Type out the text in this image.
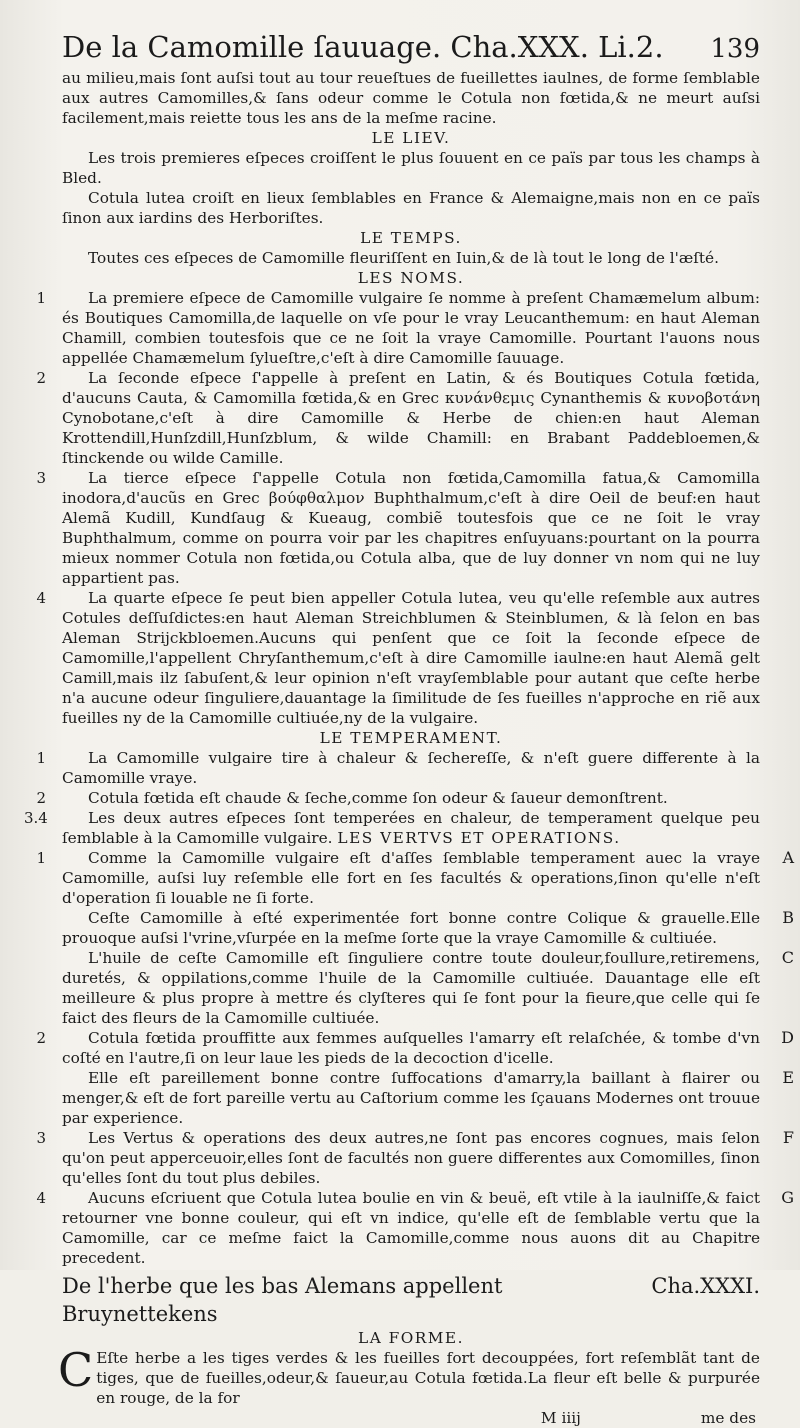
De la Camomille ſauuage. Cha.XXX. Li.2. 139

au milieu,mais ſont auſsi tout au tour reueſtues de fueillettes iaulnes, de forme ſemblable aux autres Camomilles,& ſans odeur comme le Cotula non fœtida,& ne meurt auſsi facilement,mais reiette tous les ans de la meſme racine.

LE LIEV.

Les trois premieres eſpeces croiſſent le plus ſouuent en ce païs par tous les champs à Bled.

Cotula lutea croiſt en lieux ſemblables en France & Alemaigne,mais non en ce païs ſinon aux iardins des Herboriſtes.

LE TEMPS.

Toutes ces eſpeces de Camomille fleuriſſent en Iuin,& de là tout le long de l'æſté.

LES NOMS.

1	La premiere eſpece de Camomille vulgaire ſe nomme à preſent Chamæmelum album: és Boutiques Camomilla,de laquelle on vſe pour le vray Leucanthemum: en haut Aleman Chamill, combien toutesfois que ce ne ſoit la vraye Camomille. Pourtant l'auons nous appellée Chamæmelum ſylueſtre,c'eſt à dire Camomille ſauuage.

2	La ſeconde eſpece ſ'appelle à preſent en Latin, & és Boutiques Cotula fœtida, d'aucuns Cauta, & Camomilla fœtida,& en Grec κυνάνθεμις Cynanthemis & κυνοβοτάνη Cynobotane,c'eſt à dire Camomille & Herbe de chien:en haut Aleman Krottendill,Hunſzdill,Hunſzblum, & wilde Chamill: en Brabant Paddebloemen,& ſtinckende ou wilde Camille.

3	La tierce eſpece ſ'appelle Cotula non fœtida,Camomilla fatua,& Camomilla inodora,d'aucũs en Grec βούφθαλμον Buphthalmum,c'eſt à dire Oeil de beuf:en haut Alemã Kudill, Kundſaug & Kueaug, combiẽ toutesfois que ce ne ſoit le vray Buphthalmum, comme on pourra voir par les chapitres enſuyuans:pourtant on la pourra mieux nommer Cotula non fœtida,ou Cotula alba, que de luy donner vn nom qui ne luy appartient pas.

4	La quarte eſpece ſe peut bien appeller Cotula lutea, veu qu'elle reſemble aux autres Cotules deſſuſdictes:en haut Aleman Streichblumen & Steinblumen, & là ſelon en bas Aleman Strijckbloemen.Aucuns qui penſent que ce ſoit la ſeconde eſpece de Camomille,l'appellent Chryſanthemum,c'eſt à dire Camomille iaulne:en haut Alemã gelt Camill,mais ilz ſabuſent,& leur opinion n'eſt vrayſemblable pour autant que ceſte herbe n'a aucune odeur ſinguliere,dauantage la ſimilitude de ſes fueilles n'approche en riẽ aux fueilles ny de la Camomille cultiuée,ny de la vulgaire.

LE TEMPERAMENT.

1	La Camomille vulgaire tire à chaleur & ſechereſſe, & n'eſt guere differente à la Camomille vraye.

2	Cotula fœtida eſt chaude & ſeche,comme ſon odeur & ſaueur demonſtrent.

3.4	Les deux autres eſpeces ſont temperées en chaleur, de temperament quelque peu ſemblable à la Camomille vulgaire. LES VERTVS ET OPERATIONS.

1	A
Comme la Camomille vulgaire eſt d'aſſes ſemblable temperament auec la vraye Camomille, auſsi luy reſemble elle fort en ſes facultés & operations,ſinon qu'elle n'eſt d'operation ſi louable ne ſi forte.

B
Ceſte Camomille à eſté experimentée fort bonne contre Colique & grauelle.Elle prouoque auſsi l'vrine,vſurpée en la meſme ſorte que la vraye Camomille & cultiuée.

C
L'huile de ceſte Camomille eſt ſinguliere contre toute douleur,foullure,retiremens, duretés, & oppilations,comme l'huile de la Camomille cultiuée. Dauantage elle eſt meilleure & plus propre à mettre és clyſteres qui ſe font pour la fieure,que celle qui ſe faict des fleurs de la Camomille cultiuée.

2	D
Cotula fœtida prouffitte aux femmes auſquelles l'amarry eſt relaſchée, & tombe d'vn coſté en l'autre,ſi on leur laue les pieds de la decoction d'icelle.

E
Elle eſt pareillement bonne contre ſuffocations d'amarry,la baillant à flairer ou menger,& eſt de fort pareille vertu au Caſtorium comme les ſçauans Modernes ont trouue par experience.

3	F
Les Vertus & operations des deux autres,ne ſont pas encores cognues, mais ſelon qu'on peut apperceuoir,elles ſont de facultés non guere differentes aux Comomilles, ſinon qu'elles ſont du tout plus debiles.

4	G
Aucuns eſcriuent que Cotula lutea boulie en vin & beuë, eſt vtile à la iaulniſſe,& faict retourner vne bonne couleur, qui eſt vn indice, qu'elle eſt de ſemblable vertu que la Camomille, car ce meſme faict la Camomille,comme nous auons dit au Chapitre precedent.

De l'herbe que les bas Alemans appellent Bruynettekens
Cha.XXXI.

LA FORME.

C Eſte herbe a les tiges verdes & les fueilles fort decouppées, fort reſemblãt tant de tiges, que de fueilles,odeur,& ſaueur,au Cotula fœtida.La fleur eſt belle & purpurée en rouge, de la for

M iiij	me des
